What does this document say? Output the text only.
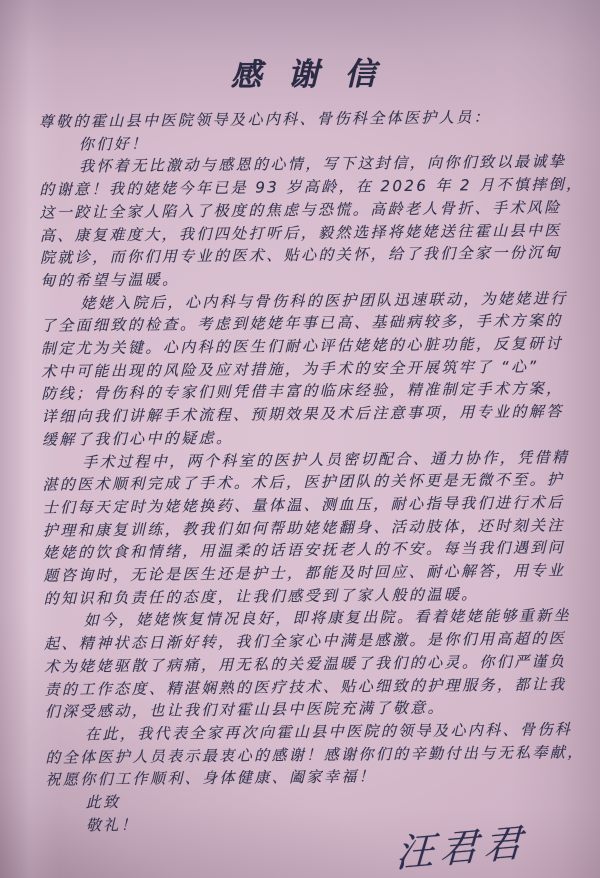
感谢信
尊敬的霍山县中医院领导及心内科、骨伤科全体医护人员：
你们好！
我怀着无比激动与感恩的心情，写下这封信，向你们致以最诚挚
的谢意！我的姥姥今年已是 93 岁高龄，在 2026 年 2 月不慎摔倒，
这一跤让全家人陷入了极度的焦虑与恐慌。高龄老人骨折、手术风险
高、康复难度大，我们四处打听后，毅然选择将姥姥送往霍山县中医
院就诊，而你们用专业的医术、贴心的关怀，给了我们全家一份沉甸
甸的希望与温暖。
姥姥入院后，心内科与骨伤科的医护团队迅速联动，为姥姥进行
了全面细致的检查。考虑到姥姥年事已高、基础病较多，手术方案的
制定尤为关键。心内科的医生们耐心评估姥姥的心脏功能，反复研讨
术中可能出现的风险及应对措施，为手术的安全开展筑牢了 “心”
防线；骨伤科的专家们则凭借丰富的临床经验，精准制定手术方案，
详细向我们讲解手术流程、预期效果及术后注意事项，用专业的解答
缓解了我们心中的疑虑。
手术过程中，两个科室的医护人员密切配合、通力协作，凭借精
湛的医术顺利完成了手术。术后，医护团队的关怀更是无微不至。护
士们每天定时为姥姥换药、量体温、测血压，耐心指导我们进行术后
护理和康复训练，教我们如何帮助姥姥翻身、活动肢体，还时刻关注
姥姥的饮食和情绪，用温柔的话语安抚老人的不安。每当我们遇到问
题咨询时，无论是医生还是护士，都能及时回应、耐心解答，用专业
的知识和负责任的态度，让我们感受到了家人般的温暖。
如今，姥姥恢复情况良好，即将康复出院。看着姥姥能够重新坐
起、精神状态日渐好转，我们全家心中满是感激。是你们用高超的医
术为姥姥驱散了病痛，用无私的关爱温暖了我们的心灵。你们严谨负
责的工作态度、精湛娴熟的医疗技术、贴心细致的护理服务，都让我
们深受感动，也让我们对霍山县中医院充满了敬意。
在此，我代表全家再次向霍山县中医院的领导及心内科、骨伤科
的全体医护人员表示最衷心的感谢！感谢你们的辛勤付出与无私奉献，
祝愿你们工作顺利、身体健康、阖家幸福！
此致
敬礼！	汪君君
